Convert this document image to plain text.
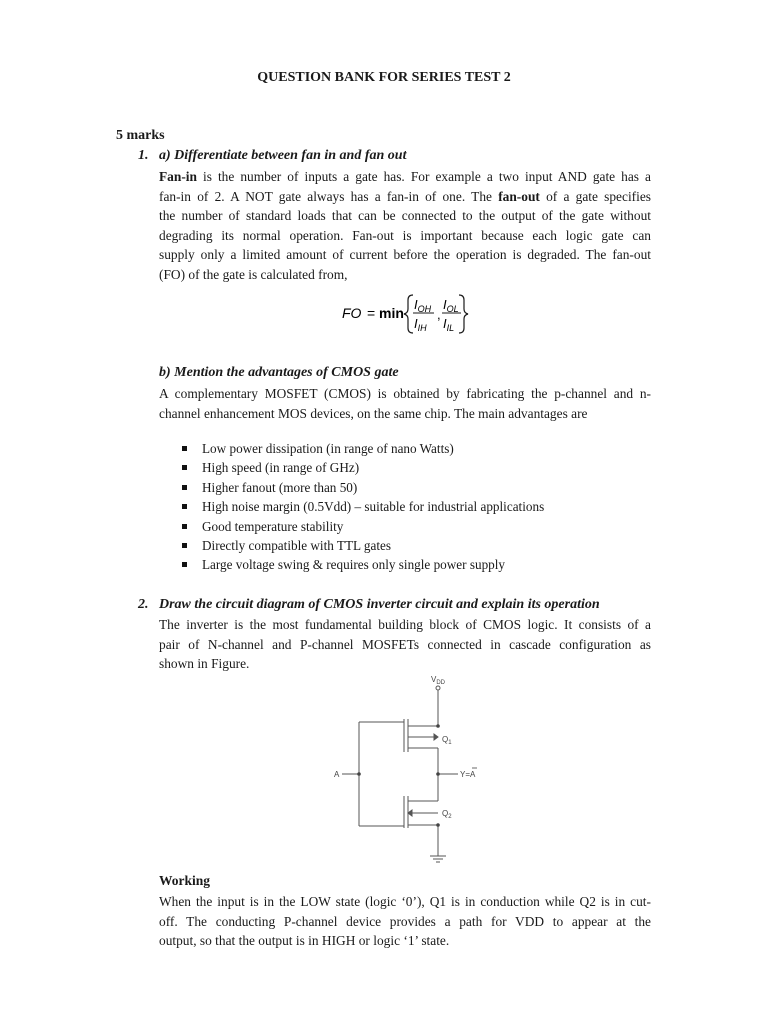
QUESTION BANK FOR SERIES TEST 2
5 marks
1. a) Differentiate between fan in and fan out
Fan-in is the number of inputs a gate has. For example a two input AND gate has a
fan-in of 2. A NOT gate always has a fan-in of one. The fan-out of a gate specifies
the number of standard loads that can be connected to the output of the gate without
degrading its normal operation. Fan-out is important because each logic gate can
supply only a limited amount of current before the operation is degraded. The fan-out
(FO) of the gate is calculated from,
FO = min
$I_{OH}$
$I_{IH}$
,
$I_{OL}$
$I_{IL}$
b) Mention the advantages of CMOS gate
A complementary MOSFET (CMOS) is obtained by fabricating the p-channel and n-
channel enhancement MOS devices, on the same chip. The main advantages are
Low power dissipation (in range of nano Watts)
High speed (in range of GHz)
Higher fanout (more than 50)
High noise margin (0.5Vdd) – suitable for industrial applications
Good temperature stability
Directly compatible with TTL gates
Large voltage swing & requires only single power supply
2. Draw the circuit diagram of CMOS inverter circuit and explain its operation
The inverter is the most fundamental building block of CMOS logic. It consists of a
pair of N-channel and P-channel MOSFETs connected in cascade configuration as
shown in Figure.
$V_{DD}$
$Q_1$
$Q_2$
A	Y=A
Working
When the input is in the LOW state (logic ‘0’), Q1 is in conduction while Q2 is in cut-
off. The conducting P-channel device provides a path for VDD to appear at the
output, so that the output is in HIGH or logic ‘1’ state.
